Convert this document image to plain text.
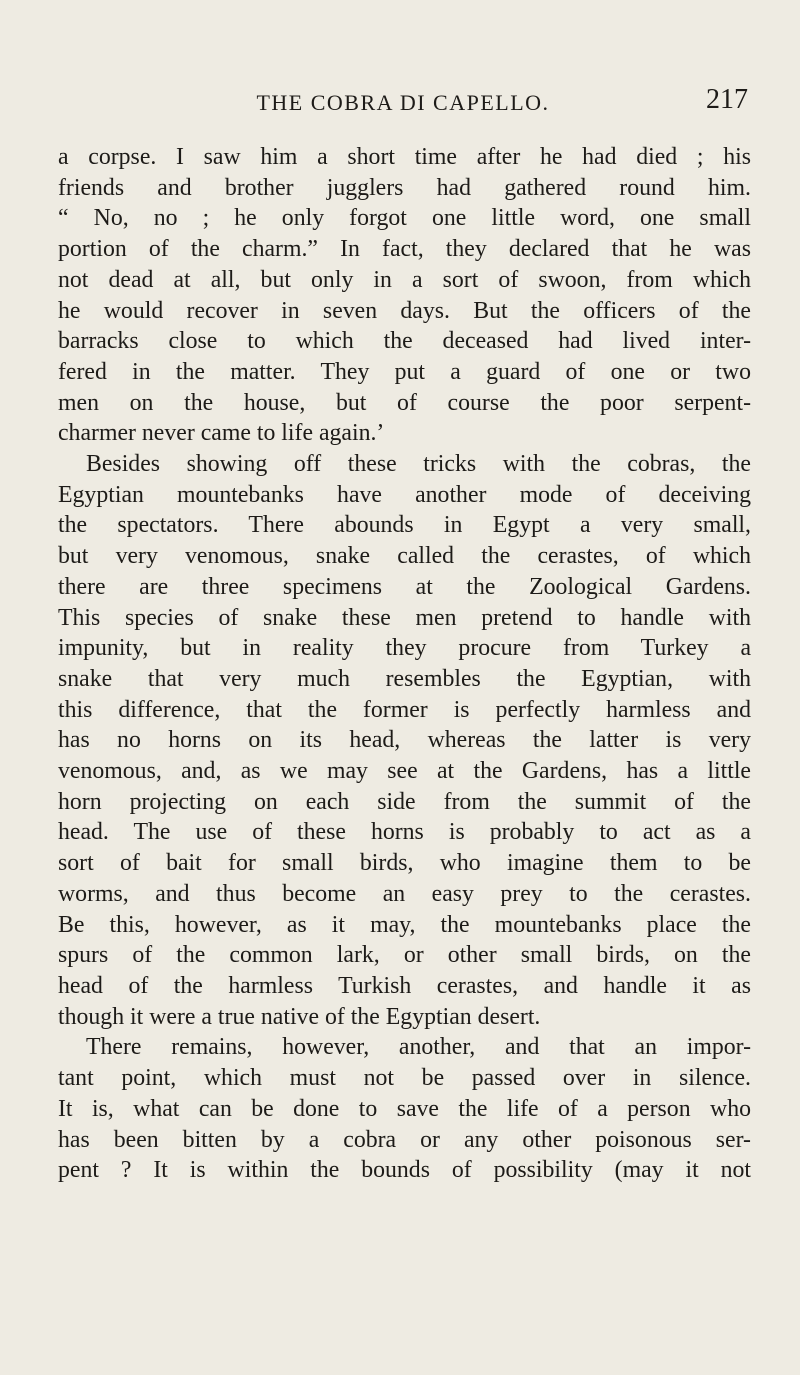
THE COBRA DI CAPELLO.	217
a corpse. I saw him a short time after he had died ; his
friends and brother jugglers had gathered round him.
“ No, no ; he only forgot one little word, one small
portion of the charm.” In fact, they declared that he was
not dead at all, but only in a sort of swoon, from which
he would recover in seven days. But the officers of the
barracks close to which the deceased had lived inter-
fered in the matter. They put a guard of one or two
men on the house, but of course the poor serpent-
charmer never came to life again.’
Besides showing off these tricks with the cobras, the
Egyptian mountebanks have another mode of deceiving
the spectators. There abounds in Egypt a very small,
but very venomous, snake called the cerastes, of which
there are three specimens at the Zoological Gardens.
This species of snake these men pretend to handle with
impunity, but in reality they procure from Turkey a
snake that very much resembles the Egyptian, with
this difference, that the former is perfectly harmless and
has no horns on its head, whereas the latter is very
venomous, and, as we may see at the Gardens, has a little
horn projecting on each side from the summit of the
head. The use of these horns is probably to act as a
sort of bait for small birds, who imagine them to be
worms, and thus become an easy prey to the cerastes.
Be this, however, as it may, the mountebanks place the
spurs of the common lark, or other small birds, on the
head of the harmless Turkish cerastes, and handle it as
though it were a true native of the Egyptian desert.
There remains, however, another, and that an impor-
tant point, which must not be passed over in silence.
It is, what can be done to save the life of a person who
has been bitten by a cobra or any other poisonous ser-
pent ? It is within the bounds of possibility (may it not
